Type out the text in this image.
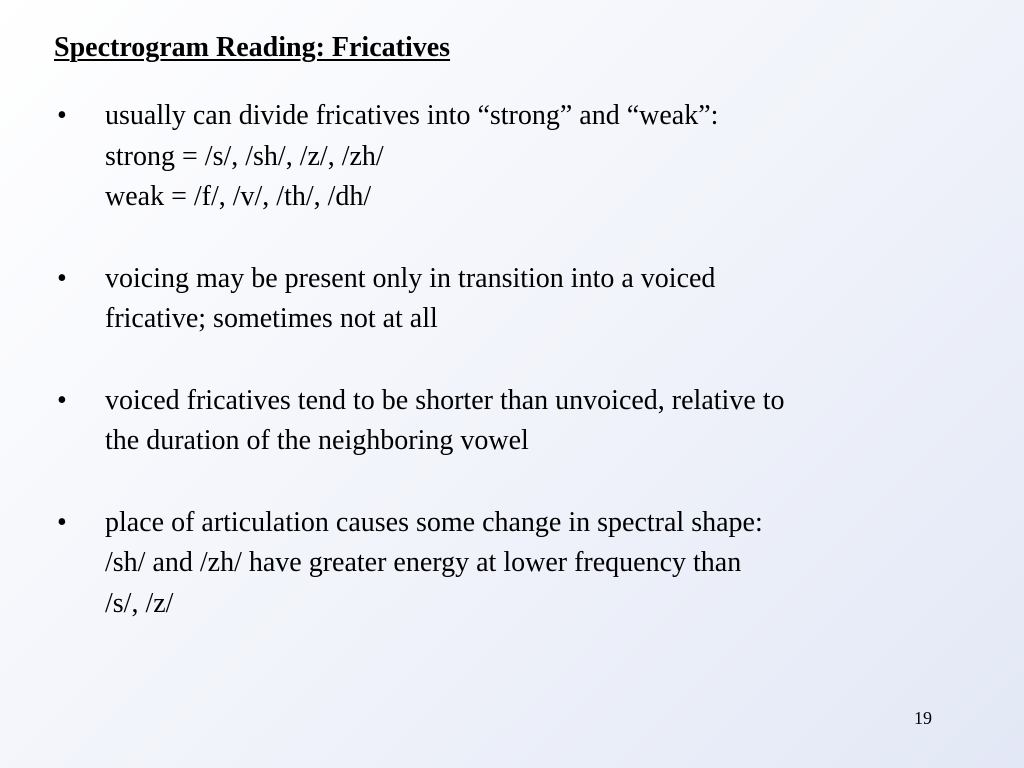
Spectrogram Reading: Fricatives
• usually can divide fricatives into “strong” and “weak”:
strong = /s/, /sh/, /z/, /zh/
weak = /f/, /v/, /th/, /dh/
• voicing may be present only in transition into a voiced
fricative; sometimes not at all
• voiced fricatives tend to be shorter than unvoiced, relative to
the duration of the neighboring vowel
• place of articulation causes some change in spectral shape:
/sh/ and /zh/ have greater energy at lower frequency than
/s/, /z/
19
